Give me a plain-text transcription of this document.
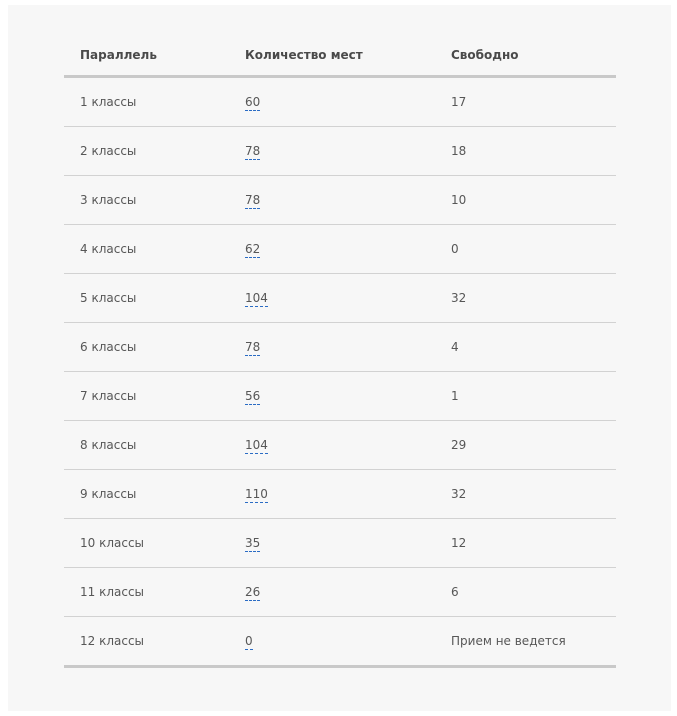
Параллель	Количество мест	Свободно
1 классы	60	17
2 классы	78	18
3 классы	78	10
4 классы	62	0
5 классы	104	32
6 классы	78	4
7 классы	56	1
8 классы	104	29
9 классы	110	32
10 классы	35	12
11 классы	26	6
12 классы	0	Прием не ведется
